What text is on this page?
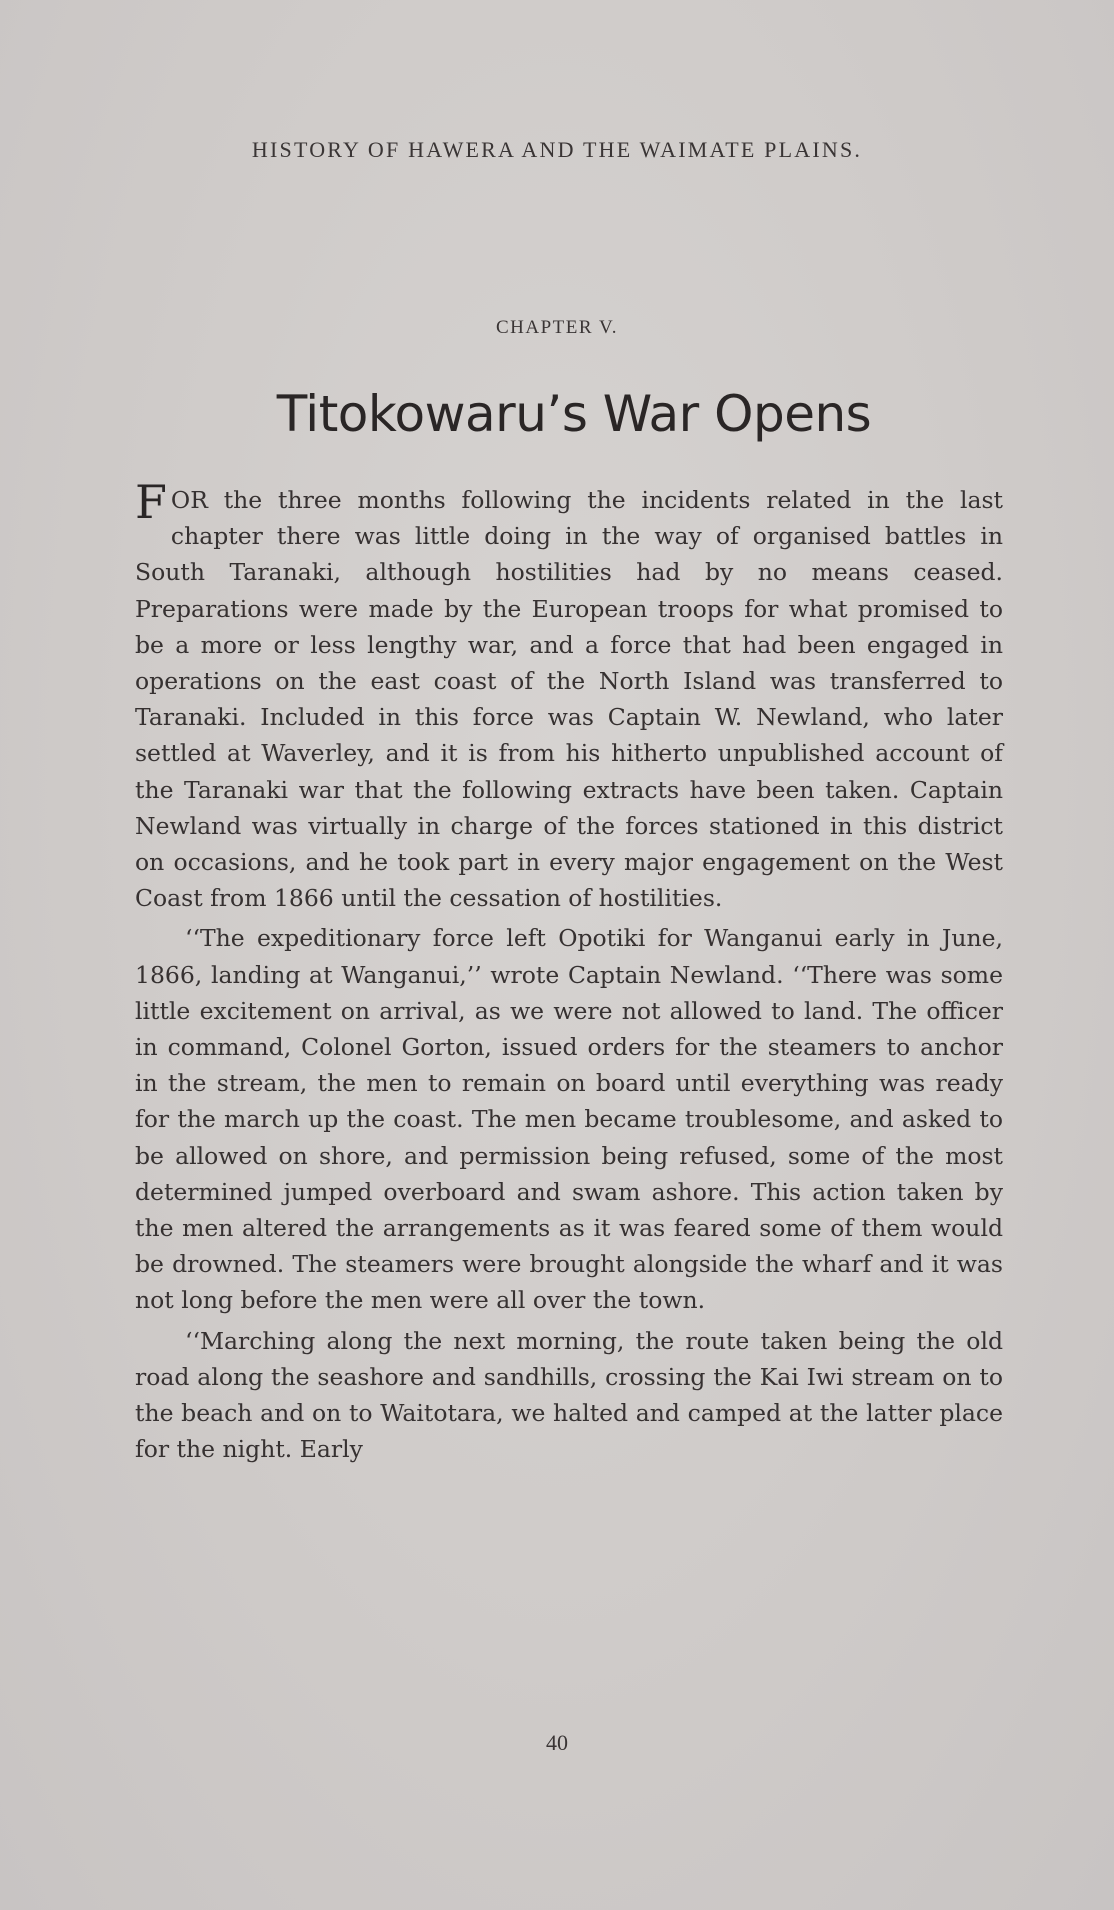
HISTORY OF HAWERA AND THE WAIMATE PLAINS.
CHAPTER V.
Titokowaru’s War Opens

FOR the three months following the incidents related in the last chapter there was little doing in the way of organised battles in South Taranaki, although hostilities had by no means ceased. Preparations were made by the European troops for what promised to be a more or less lengthy war, and a force that had been engaged in operations on the east coast of the North Island was transferred to Taranaki. Included in this force was Captain W. Newland, who later settled at Waverley, and it is from his hitherto unpublished account of the Taranaki war that the following extracts have been taken. Captain Newland was virtually in charge of the forces stationed in this district on occasions, and he took part in every major engagement on the West Coast from 1866 until the cessation of hostilities.

‘‘The expeditionary force left Opotiki for Wanganui early in June, 1866, landing at Wanganui,’’ wrote Captain Newland. ‘‘There was some little excitement on arrival, as we were not allowed to land. The officer in command, Colonel Gorton, issued orders for the steamers to anchor in the stream, the men to remain on board until everything was ready for the march up the coast. The men became troublesome, and asked to be allowed on shore, and permission being refused, some of the most determined jumped overboard and swam ashore. This action taken by the men altered the arrangements as it was feared some of them would be drowned. The steamers were brought alongside the wharf and it was not long before the men were all over the town.

‘‘Marching along the next morning, the route taken being the old road along the seashore and sandhills, crossing the Kai Iwi stream on to the beach and on to Waitotara, we halted and camped at the latter place for the night. Early

40
